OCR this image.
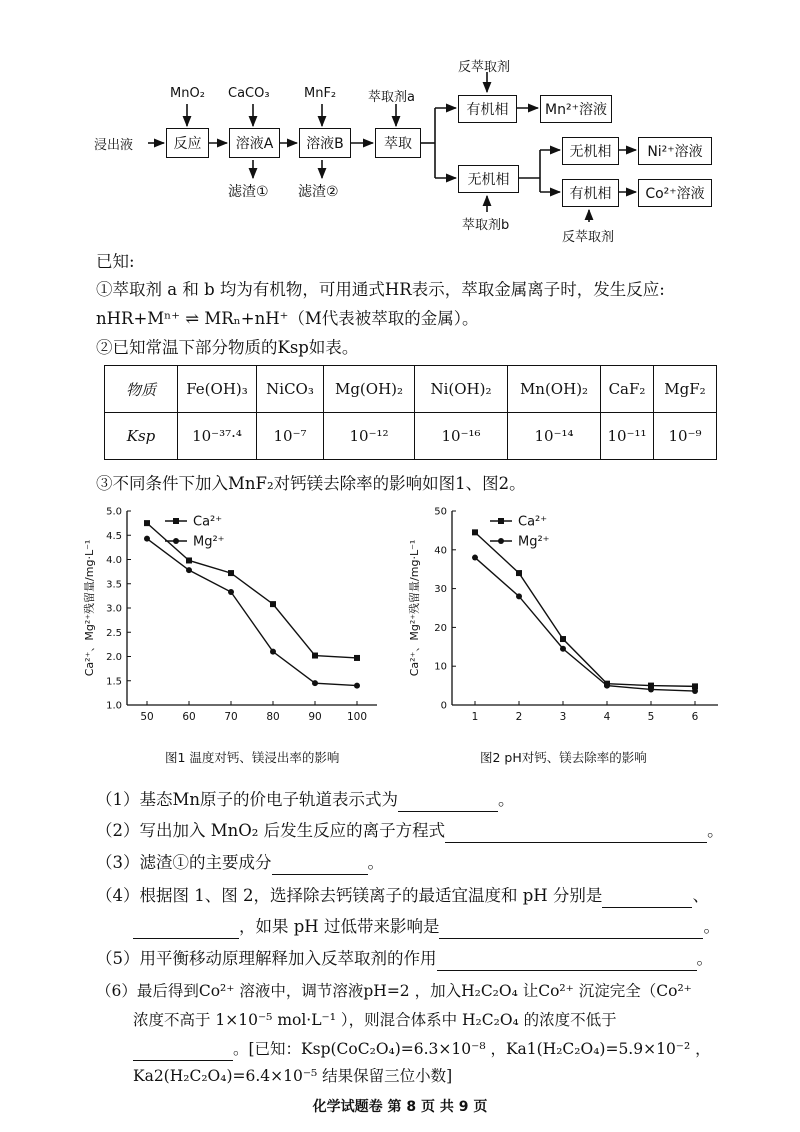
浸出液
MnO₂ CaCO₃	MnF₂ 萃取剂a
反萃取剂
萃取剂b
反萃取剂
反应	溶液A	溶液B	萃取
有机相	Mn²⁺溶液
无机相
无机相	Ni²⁺溶液
有机相	Co²⁺溶液
滤渣① 滤渣②
已知:
①萃取剂 a 和 b 均为有机物，可用通式HR表示，萃取金属离子时，发生反应:
nHR+Mⁿ⁺ ⇌ MRₙ+nH⁺（M代表被萃取的金属）。
②已知常温下部分物质的Ksp如表。
物质	Fe(OH)₃	NiCO₃	Mg(OH)₂	Ni(OH)₂	Mn(OH)₂	CaF₂	MgF₂
Ksp	10⁻³⁷·⁴	10⁻⁷	10⁻¹²	10⁻¹⁶	10⁻¹⁴	10⁻¹¹	10⁻⁹
③不同条件下加入MnF₂对钙镁去除率的影响如图1、图2。
1.0
1.5
2.0
2.5
3.0
3.5
4.0
4.5
5.0
50	60	70	80	90 100
Ca²⁺、Mg²⁺残留量/mg·L⁻¹
Ca²⁺
Mg²⁺
0
10
20
30
40
50
1	2	3	4	5	6
Ca²⁺、Mg²⁺残留量/mg·L⁻¹
Ca²⁺
Mg²⁺
图1 温度对钙、镁浸出率的影响	图2 pH对钙、镁去除率的影响
（1）基态Mn原子的价电子轨道表示式为	。
（2）写出加入 MnO₂ 后发生反应的离子方程式	。
（3）滤渣①的主要成分	。
（4）根据图 1、图 2，选择除去钙镁离子的最适宜温度和 pH 分别是	、
，如果 pH 过低带来影响是	。
（5）用平衡移动原理解释加入反萃取剂的作用	。
（6）最后得到Co²⁺ 溶液中，调节溶液pH=2 ，加入H₂C₂O₄ 让Co²⁺ 沉淀完全（Co²⁺
浓度不高于 1×10⁻⁵ mol·L⁻¹ ），则混合体系中 H₂C₂O₄ 的浓度不低于
。[已知：Ksp(CoC₂O₄)=6.3×10⁻⁸ ，Ka1(H₂C₂O₄)=5.9×10⁻² ，
Ka2(H₂C₂O₄)=6.4×10⁻⁵ 结果保留三位小数]
化学试题卷 第 8 页 共 9 页
